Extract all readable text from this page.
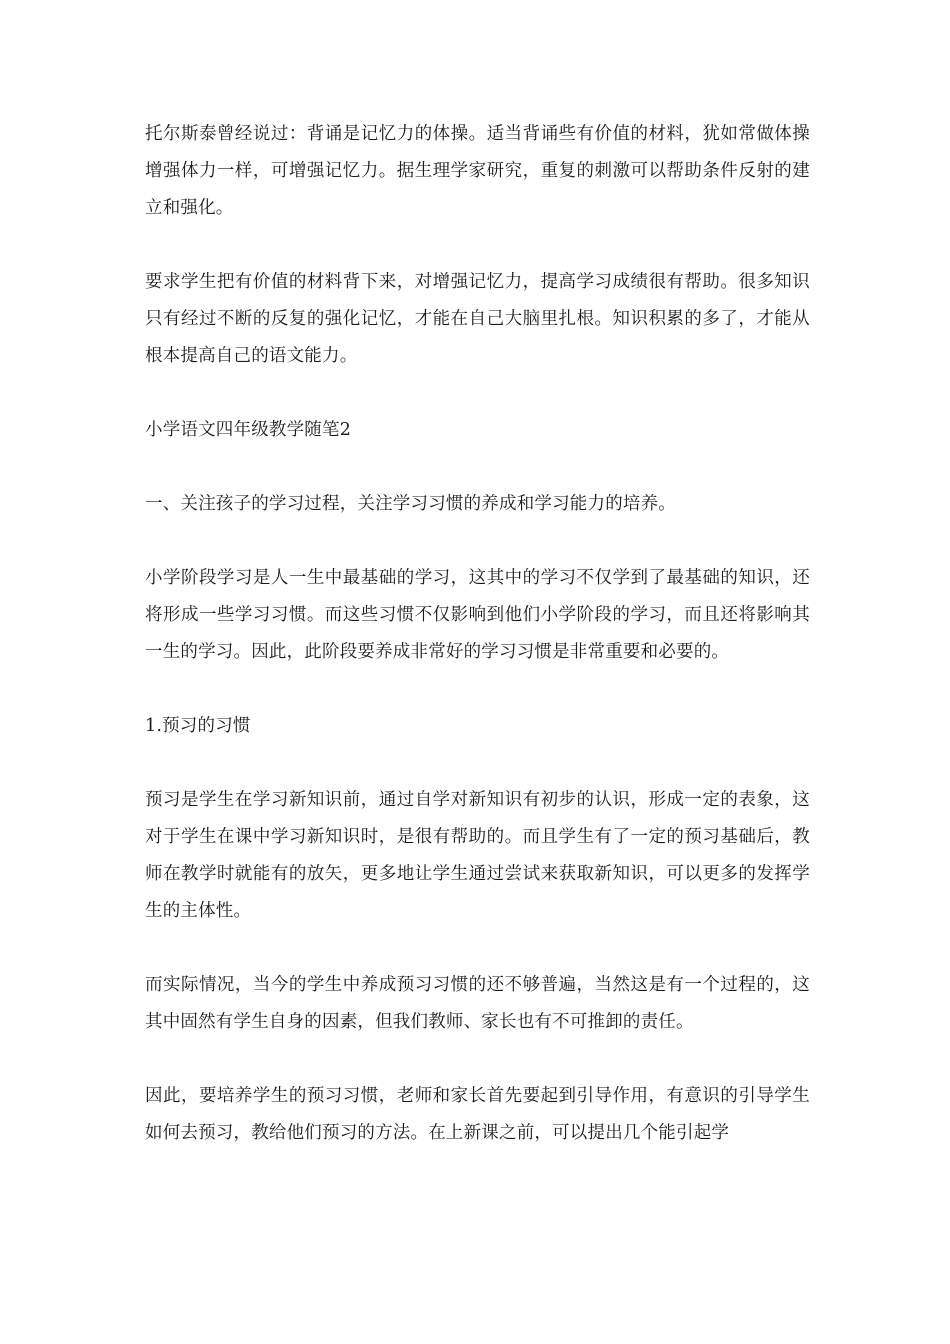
托尔斯泰曾经说过：背诵是记忆力的体操。适当背诵些有价值的材料，犹如常做体操增强体力一样，可增强记忆力。据生理学家研究，重复的刺激可以帮助条件反射的建立和强化。

要求学生把有价值的材料背下来，对增强记忆力，提高学习成绩很有帮助。很多知识只有经过不断的反复的强化记忆，才能在自己大脑里扎根。知识积累的多了，才能从根本提高自己的语文能力。

小学语文四年级教学随笔2

一、关注孩子的学习过程，关注学习习惯的养成和学习能力的培养。

小学阶段学习是人一生中最基础的学习，这其中的学习不仅学到了最基础的知识，还将形成一些学习习惯。而这些习惯不仅影响到他们小学阶段的学习，而且还将影响其一生的学习。因此，此阶段要养成非常好的学习习惯是非常重要和必要的。

1.预习的习惯

预习是学生在学习新知识前，通过自学对新知识有初步的认识，形成一定的表象，这对于学生在课中学习新知识时，是很有帮助的。而且学生有了一定的预习基础后，教师在教学时就能有的放矢，更多地让学生通过尝试来获取新知识，可以更多的发挥学生的主体性。

而实际情况，当今的学生中养成预习习惯的还不够普遍，当然这是有一个过程的，这其中固然有学生自身的因素，但我们教师、家长也有不可推卸的责任。

因此，要培养学生的预习习惯，老师和家长首先要起到引导作用，有意识的引导学生如何去预习，教给他们预习的方法。在上新课之前，可以提出几个能引起学
